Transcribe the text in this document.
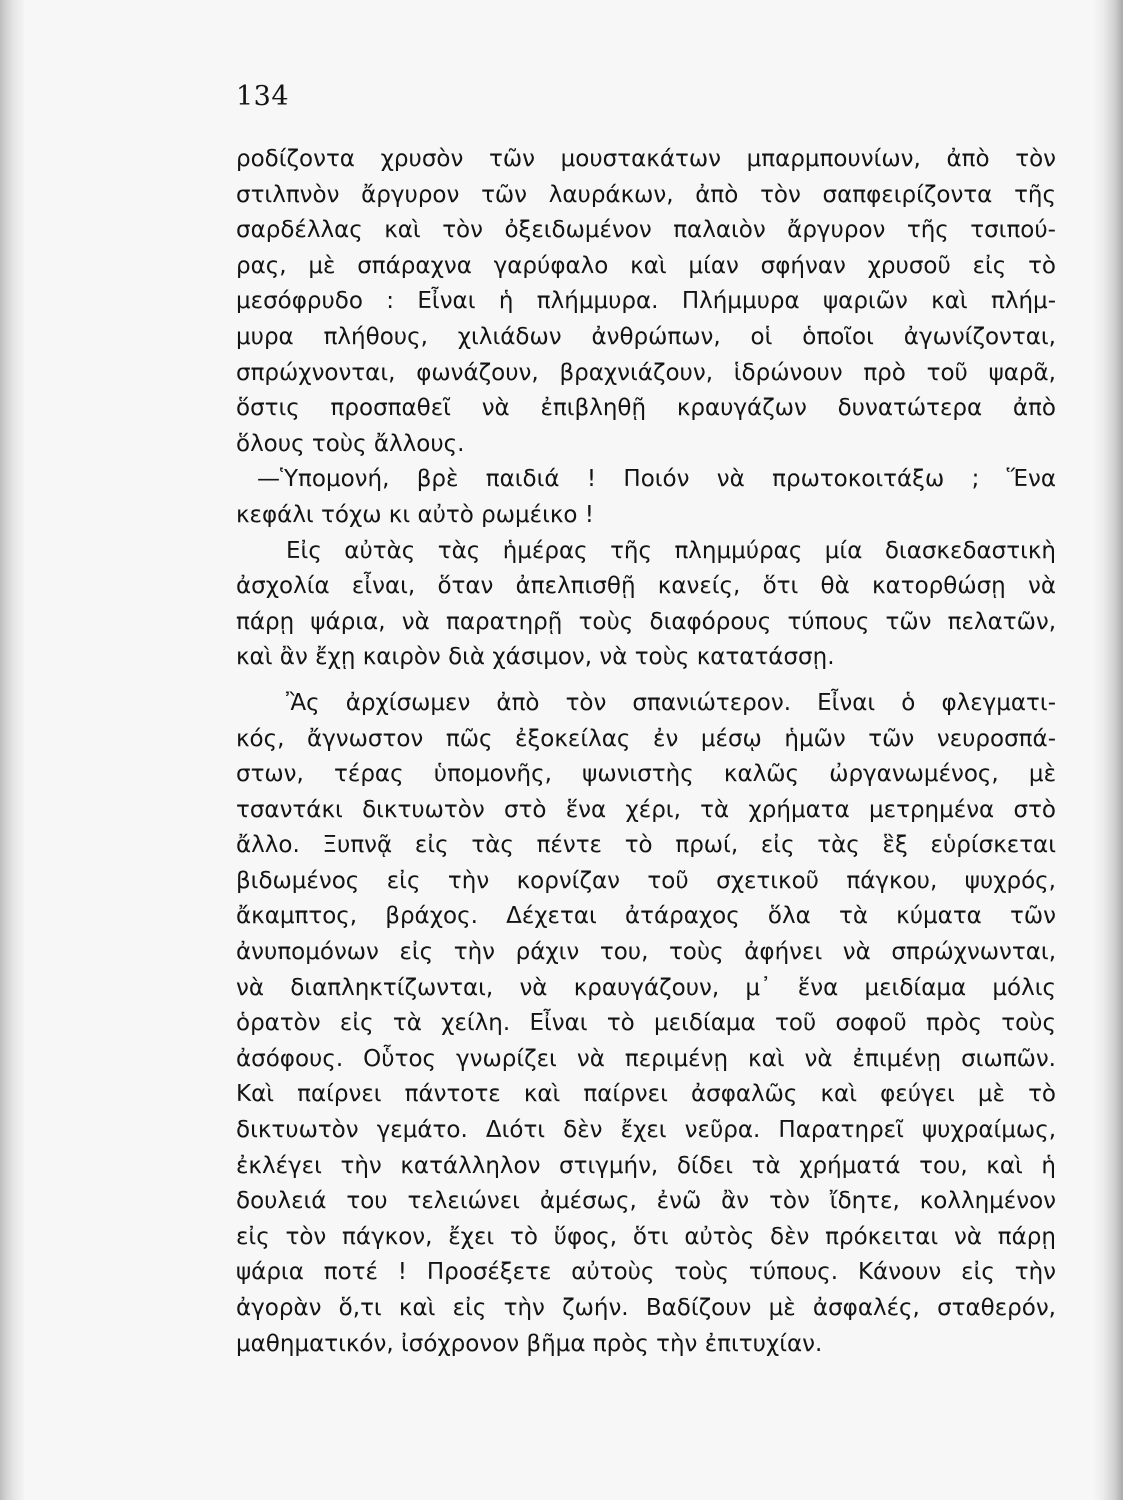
134
ροδίζοντα χρυσὸν τῶν μουστακάτων μπαρμπουνίων, ἀπὸ τὸν
στιλπνὸν ἄργυρον τῶν λαυράκων, ἀπὸ τὸν σαπφειρίζοντα τῆς
σαρδέλλας καὶ τὸν ὀξειδωμένον παλαιὸν ἄργυρον τῆς τσιπού-
ρας, μὲ σπάραχνα γαρύφαλο καὶ μίαν σφήναν χρυσοῦ εἰς τὸ
μεσόφρυδο : Εἶναι ἡ πλήμμυρα. Πλήμμυρα ψαριῶν καὶ πλήμ-
μυρα πλήθους, χιλιάδων ἀνθρώπων, οἱ ὁποῖοι ἀγωνίζονται,
σπρώχνονται, φωνάζουν, βραχνιάζουν, ἱδρώνουν πρὸ τοῦ ψαρᾶ,
ὅστις προσπαθεῖ νὰ ἐπιβληθῇ κραυγάζων δυνατώτερα ἀπὸ
ὅλους τοὺς ἄλλους.
—Ὑπομονή, βρὲ παιδιά ! Ποιόν νὰ πρωτοκοιτάξω ; Ἕνα
κεφάλι τόχω κι αὐτὸ ρωμέικο !
Εἰς αὐτὰς τὰς ἡμέρας τῆς πλημμύρας μία διασκεδαστικὴ
ἀσχολία εἶναι, ὅταν ἀπελπισθῇ κανείς, ὅτι θὰ κατορθώσῃ νὰ
πάρῃ ψάρια, νὰ παρατηρῇ τοὺς διαφόρους τύπους τῶν πελατῶν,
καὶ ἂν ἔχῃ καιρὸν διὰ χάσιμον, νὰ τοὺς κατατάσσῃ.
Ἂς ἀρχίσωμεν ἀπὸ τὸν σπανιώτερον. Εἶναι ὁ φλεγματι-
κός, ἄγνωστον πῶς ἐξοκείλας ἐν μέσῳ ἡμῶν τῶν νευροσπά-
στων, τέρας ὑπομονῆς, ψωνιστὴς καλῶς ὠργανωμένος, μὲ
τσαντάκι δικτυωτὸν στὸ ἕνα χέρι, τὰ χρήματα μετρημένα στὸ
ἄλλο. Ξυπνᾷ εἰς τὰς πέντε τὸ πρωί, εἰς τὰς ἓξ εὑρίσκεται
βιδωμένος εἰς τὴν κορνίζαν τοῦ σχετικοῦ πάγκου, ψυχρός,
ἄκαμπτος, βράχος. Δέχεται ἀτάραχος ὅλα τὰ κύματα τῶν
ἀνυπομόνων εἰς τὴν ράχιν του, τοὺς ἀφήνει νὰ σπρώχνωνται,
νὰ διαπληκτίζωνται, νὰ κραυγάζουν, μ᾽ ἕνα μειδίαμα μόλις
ὁρατὸν εἰς τὰ χείλη. Εἶναι τὸ μειδίαμα τοῦ σοφοῦ πρὸς τοὺς
ἀσόφους. Οὗτος γνωρίζει νὰ περιμένῃ καὶ νὰ ἐπιμένῃ σιωπῶν.
Καὶ παίρνει πάντοτε καὶ παίρνει ἀσφαλῶς καὶ φεύγει μὲ τὸ
δικτυωτὸν γεμάτο. Διότι δὲν ἔχει νεῦρα. Παρατηρεῖ ψυχραίμως,
ἐκλέγει τὴν κατάλληλον στιγμήν, δίδει τὰ χρήματά του, καὶ ἡ
δουλειά του τελειώνει ἀμέσως, ἐνῶ ἂν τὸν ἴδητε, κολλημένον
εἰς τὸν πάγκον, ἔχει τὸ ὕφος, ὅτι αὐτὸς δὲν πρόκειται νὰ πάρῃ
ψάρια ποτέ ! Προσέξετε αὐτοὺς τοὺς τύπους. Κάνουν εἰς τὴν
ἀγορὰν ὅ,τι καὶ εἰς τὴν ζωήν. Βαδίζουν μὲ ἀσφαλές, σταθερόν,
μαθηματικόν, ἰσόχρονον βῆμα πρὸς τὴν ἐπιτυχίαν.
